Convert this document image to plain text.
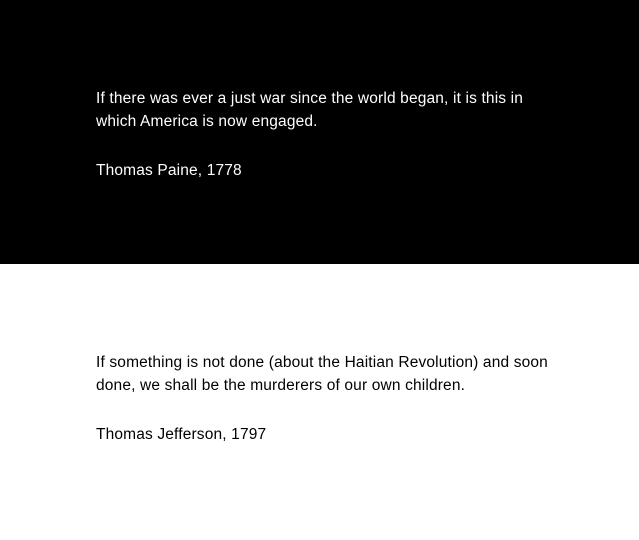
If there was ever a just war since the world began, it is this in which America is now engaged.

Thomas Paine, 1778

If something is not done (about the Haitian Revolution) and soon done, we shall be the murderers of our own children.

Thomas Jefferson, 1797
